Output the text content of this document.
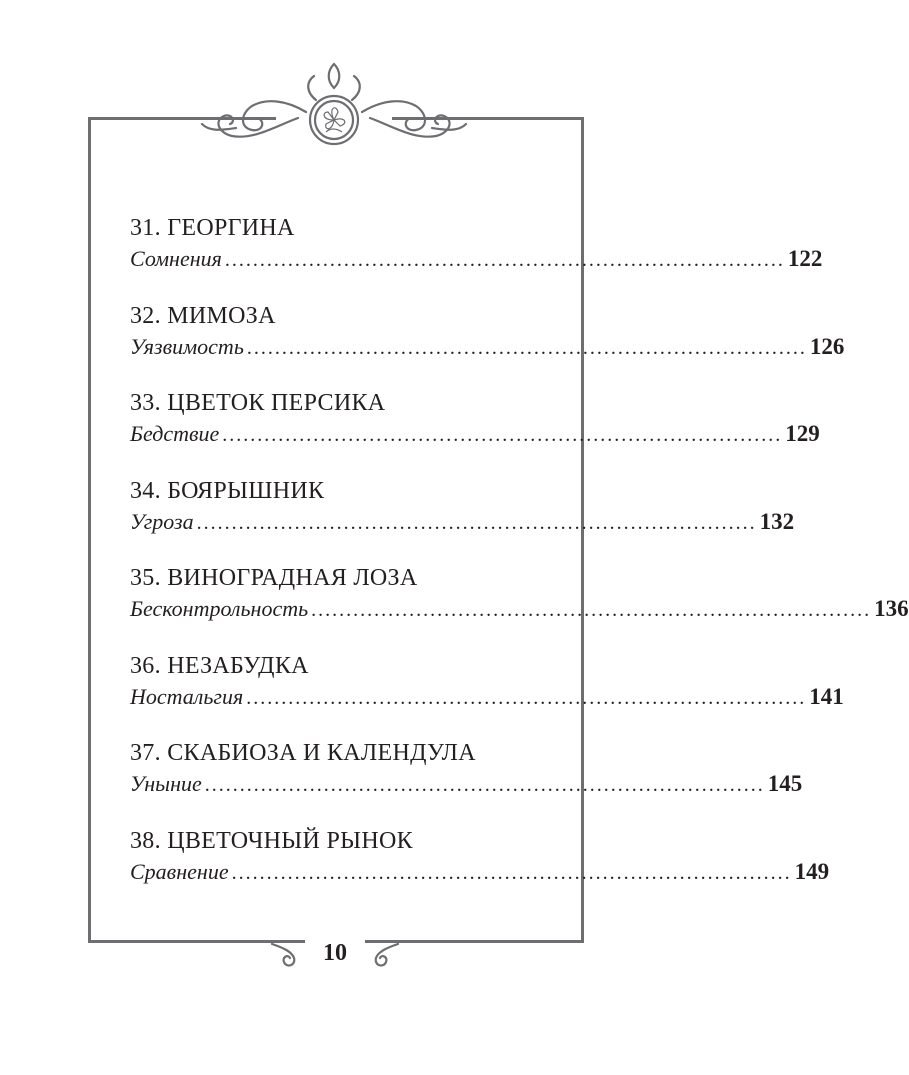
10
31. ГЕОРГИНА
Сомнения ................................................................................ 122
32. МИМОЗА
Уязвимость ................................................................................ 126
33. ЦВЕТОК ПЕРСИКА
Бедствие ................................................................................ 129
34. БОЯРЫШНИК
Угроза ................................................................................ 132
35. ВИНОГРАДНАЯ ЛОЗА
Бесконтрольность ................................................................................ 136
36. НЕЗАБУДКА
Ностальгия ................................................................................ 141
37. СКАБИОЗА И КАЛЕНДУЛА
Уныние ................................................................................ 145
38. ЦВЕТОЧНЫЙ РЫНОК
Сравнение ................................................................................ 149
